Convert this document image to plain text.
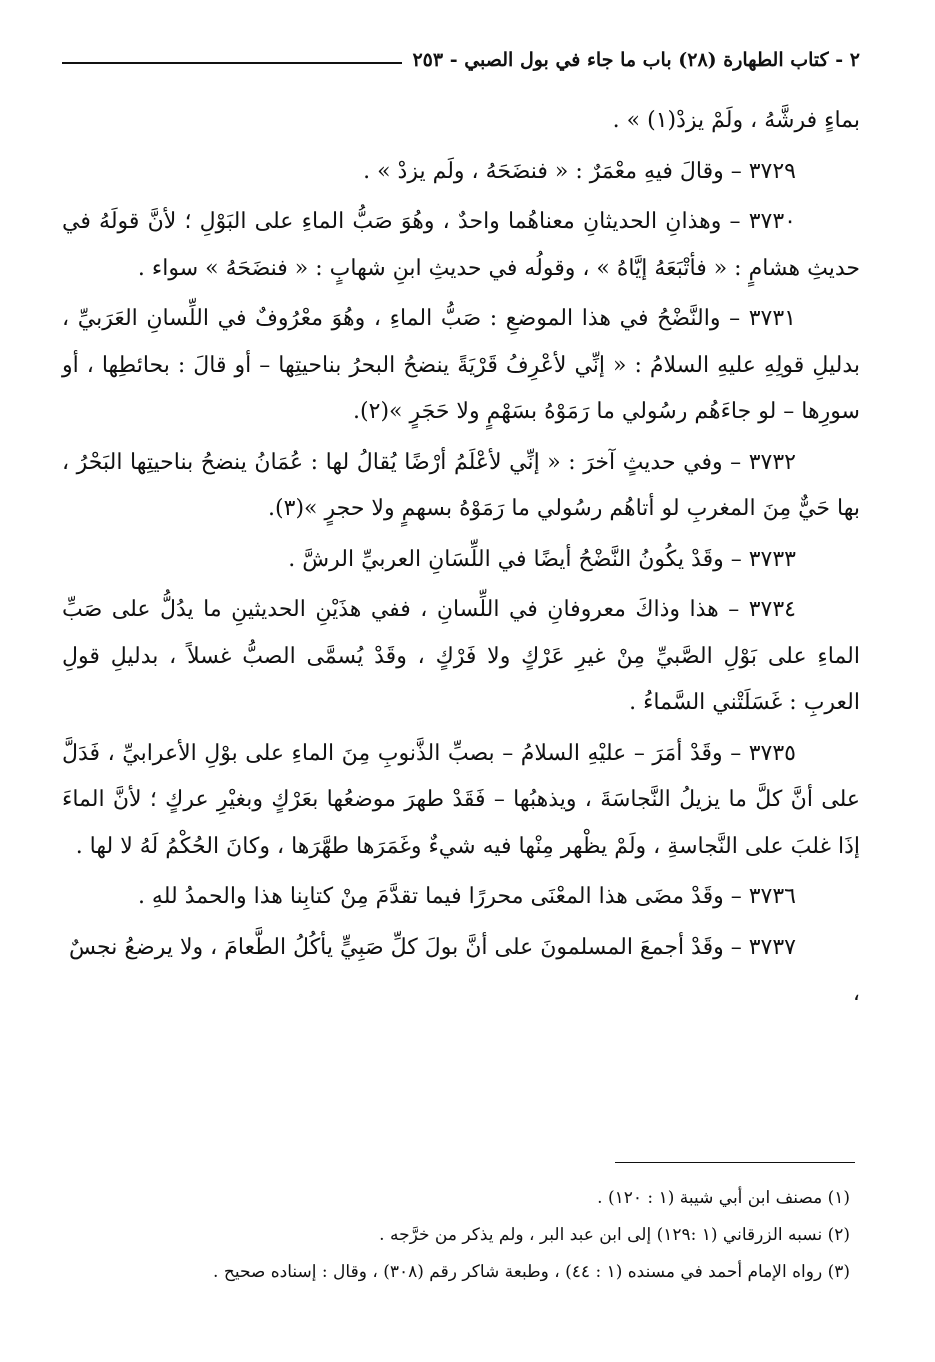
٢ - كتاب الطهارة (٢٨) باب ما جاء في بول الصبي - ٢٥٣

بماءٍ فرشَّهُ ، ولَمْ يزدْ(١) » .

٣٧٢٩ – وقالَ فيهِ معْمَرٌ : « فنضَحَهُ ، ولَم يزدْ » .

٣٧٣٠ – وهذانِ الحديثانِ معناهُما واحدٌ ، وهُوَ صَبُّ الماءِ على البَوْلِ ؛ لأنَّ قولَهُ في حديثِ هشامٍ : « فأتْبَعَهُ إيَّاهُ » ، وقولُه في حديثِ ابنِ شهابٍ : « فنضَحَهُ » سواء .

٣٧٣١ – والنَّضْحُ في هذا الموضعِ : صَبُّ الماءِ ، وهُوَ معْرُوفٌ في اللِّسانِ العَرَبيِّ ، بدليلِ قولِهِ عليهِ السلامُ : « إنِّي لأعْرِفُ قَرْيَةً ينضحُ البحرُ بناحيتِها – أو قالَ : بحائطِها ، أو سورِها – لو جاءَهُم رسُولي ما رَمَوْهُ بسَهْمٍ ولا حَجَرٍ »(٢).

٣٧٣٢ – وفي حديثٍ آخرَ : « إنِّي لأعْلَمُ أرْضًا يُقالُ لها : عُمَانُ ينضحُ بناحيتِها البَحْرُ ، بها حَيٌّ مِنَ المغربِ لو أتاهُم رسُولي ما رَمَوْهُ بسهمٍ ولا حجرٍ »(٣).

٣٧٣٣ – وقَدْ يكُونُ النَّضْحُ أيضًا في اللِّسَانِ العربيِّ الرشَّ .

٣٧٣٤ – هذا وذاكَ معروفانِ في اللِّسانِ ، ففي هذَيْنِ الحديثينِ ما يدُلُّ على صَبِّ الماءِ على بَوْلِ الصَّبيِّ مِنْ غيرِ عَرْكٍ ولا فَرْكٍ ، وقَدْ يُسمَّى الصبُّ غسلاً ، بدليلِ قولِ العربِ : غَسَلَتْني السَّماءُ .

٣٧٣٥ – وقَدْ أمَرَ – عليْهِ السلامُ – بصبِّ الذَّنوبِ مِنَ الماءِ على بوْلِ الأعرابيِّ ، فَدَلَّ على أنَّ كلَّ ما يزيلُ النَّجاسَةَ ، ويذهبُها – فَقَدْ طهرَ موضعُها بعَرْكٍ وبغيْرِ عركٍ ؛ لأنَّ الماءَ إذَا غلبَ على النَّجاسةِ ، ولَمْ يظْهر مِنْها فيه شيءٌ وغَمَرَها طهَّرَها ، وكانَ الحُكْمُ لَهُ لا لها .

٣٧٣٦ – وقَدْ مضَى هذا المعْنَى محررًا فيما تقدَّمَ مِنْ كتابِنا هذا والحمدُ للهِ .

٣٧٣٧ – وقَدْ أجمعَ المسلمونَ على أنَّ بولَ كلِّ صَبِيٍّ يأكُلُ الطَّعامَ ، ولا يرضعُ نجسٌ ،

(١) مصنف ابن أبي شيبة (١ : ١٢٠) .

(٢) نسبه الزرقاني (١ :١٢٩) إلى ابن عبد البر ، ولم يذكر من خرَّجه .

(٣) رواه الإمام أحمد في مسنده (١ : ٤٤) ، وطبعة شاكر رقم (٣٠٨) ، وقال : إسناده صحيح .
